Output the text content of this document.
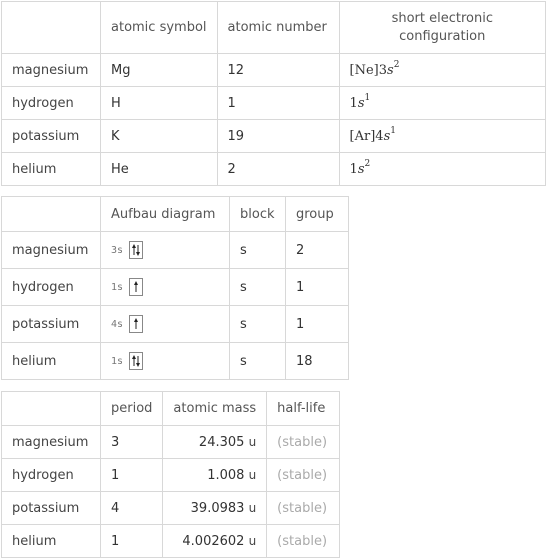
	atomic symbol	atomic number	short electronic configuration
magnesium	Mg	12	$[Ne]3s^2$
hydrogen	H	1	$1s^1$
potassium	K	19	$[Ar]4s^1$
helium	He	2	$1s^2$
	Aufbau diagram	block	group
magnesium	3s	s	2
hydrogen	1s	s	1
potassium	4s	s	1
helium	1s	s	18
	period	atomic mass	half-life
magnesium	3	24.305 u	(stable)
hydrogen	1	1.008 u	(stable)
potassium	4	39.0983 u	(stable)
helium	1	4.002602 u	(stable)
